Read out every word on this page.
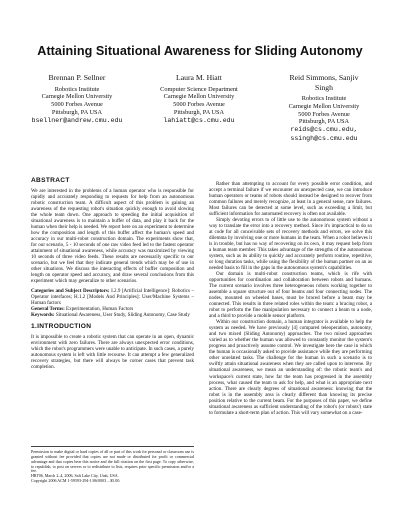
Attaining Situational Awareness for Sliding Autonomy
Brennan P. Sellner
Robotics Institute
Carnegie Mellon University
5000 Forbes Avenue
Pittsburgh, PA USA
bsellner@andrew.cmu.edu
Laura M. Hiatt
Computer Science Department
Carnegie Mellon University
5000 Forbes Avenue
Pittsburgh, PA USA
lahiatt@cs.cmu.edu
Reid Simmons, Sanjiv Singh
Robotics Institute
Carnegie Mellon University
5000 Forbes Avenue
Pittsburgh, PA USA
reids@cs.cmu.edu, ssingh@cs.cmu.edu
ABSTRACT

We are interested in the problems of a human operator who is responsible for rapidly and accurately responding to requests for help from an autonomous robotic construction team. A difficult aspect of this problem is gaining an awareness of the requesting robot's situation quickly enough to avoid slowing the whole team down. One approach to speeding the initial acquisition of situational awareness is to maintain a buffer of data, and play it back for the human when their help is needed. We report here on an experiment to determine how the composition and length of this buffer affect the human's speed and accuracy in our multi-robot construction domain. The experiments show that, for our scenario, 5 - 10 seconds of one raw video feed led to the fastest operator attainment of situational awareness, while accuracy was maximized by viewing 10 seconds of three video feeds. These results are necessarily specific to our scenario, but we feel that they indicate general trends which may be of use in other situations. We discuss the interacting effects of buffer composition and length on operator speed and accuracy, and draw several conclusions from this experiment which may generalize to other scenarios.

Categories and Subject Descriptors: I.2.9 [Artificial Intelligence]: Robotics – Operator interfaces; H.1.2 [Models And Principles]: User/Machine Systems – Human factors

General Terms: Experimentation, Human Factors

Keywords: Situational Awareness, User Study, Sliding Autonomy, Case Study

1.INTRODUCTION

It is impossible to create a robotic system that can operate in an open, dynamic environment with zero failures. There are always unexpected error conditions, which the robot's programmers were unable to anticipate. In such cases, a purely autonomous system is left with little recourse. It can attempt a few generalized recovery strategies, but there will always be corner cases that prevent task completion.

Permission to make digital or hard copies of all or part of this work for personal or classroom use is granted without fee provided that copies are not made or distributed for profit or commercial advantage and that copies bear this notice and the full citation on the first page. To copy otherwise, to republish, to post on servers or to redistribute to lists, requires prior specific permission and/or a fee.

HRI'06, March 2–4, 2006, Salt Lake City, Utah, USA.

Copyright 2006 ACM 1-59593-294-1/06/0003 ...$5.00.

Rather than attempting to account for every possible error condition, and accept a terminal failure if we encounter an unexpected case, we can introduce human operators or teams of robots should instead be designed to recover from common failures and merely recognize, at least in a general sense, rare failures. Most failures can be detected at some level, such as exceeding a limit, but sufficient information for automated recovery is often not available.

Simply devoting errors to of little use to the autonomous system without a way to translate the error into a recovery method. Since it's impractical to do so at code for all conceivable sets of recovery methods and errors, we solve this dilemma by involving one or more humans in the team. When a robot believes it is in trouble, but has no way of recovering on its own, it may request help from a human team member. This takes advantage of the strengths of the autonomous system, such as its ability to quickly and accurately perform routine, repetitive, or long duration tasks, while using the flexibility of the human partner on an as needed basis to fill in the gaps in the autonomous system's capabilities.

Our domain is multi-robot construction teams, which is rife with opportunities for coordination and collaboration between robots and humans. The current scenario involves three heterogeneous robots working together to assemble a square structure out of four beams and four connecting nodes. The nodes, mounted on wheeled bases, must be braced before a beam may be connected. This results in three related roles within the team: a bracing robot, a robot to perform the fine manipulation necessary to connect a beam to a node, and a third to provide a mobile sensor platform.

Within our construction domain, a human integrator is available to help the system as needed. We have previously [4] compared teleoperation, autonomy, and two mixed (Sliding Autonomy) approaches. The two mixed approaches varied as to whether the human was allowed to constantly monitor the system's progress and proactively assume control. We investigate here the case in which the human is occasionally asked to provide assistance while they are performing other unrelated tasks. The challenge for the human in such a scenario is to swiftly attain situational awareness when they are called upon to intervene. By situational awareness, we mean an understanding of: the robotic team's and workspace's current state, how far the team has progressed in the assembly process, what caused the team to ask for help, and what is an appropriate next action. There are clearly degrees of situational awareness: knowing that the robot is in the assembly area is clearly different than knowing its precise position relative to the current beam. For the purposes of this paper, we define situational awareness as sufficient understanding of the robot's (or robots') state to formulate a short-term plan of action. This will vary somewhat on a case-
